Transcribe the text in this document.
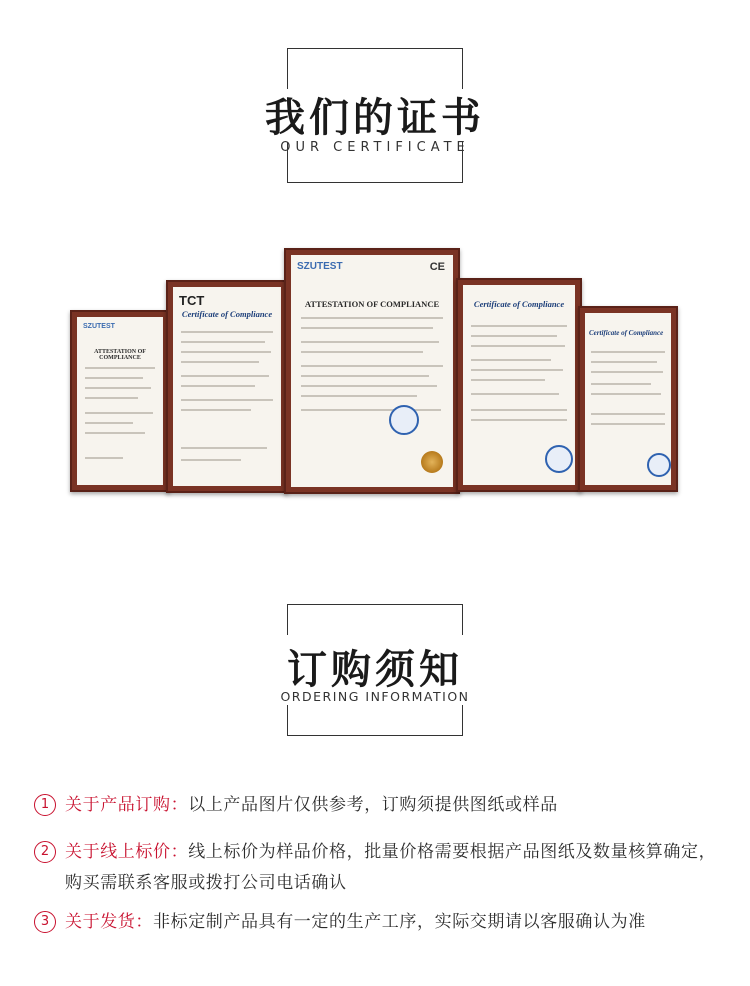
我们的证书
OUR CERTIFICATE
SZUTEST
ATTESTATION OF COMPLIANCE
TCT
Certificate of Compliance
SZUTEST	CE
ATTESTATION OF COMPLIANCE	Certificate of Compliance
Certificate of Compliance
订购须知
ORDERING INFORMATION
1 关于产品订购：以上产品图片仅供参考，订购须提供图纸或样品
2 关于线上标价：线上标价为样品价格，批量价格需要根据产品图纸及数量核算确定，购买需联系客服或拨打公司电话确认
3 关于发货：非标定制产品具有一定的生产工序，实际交期请以客服确认为准
